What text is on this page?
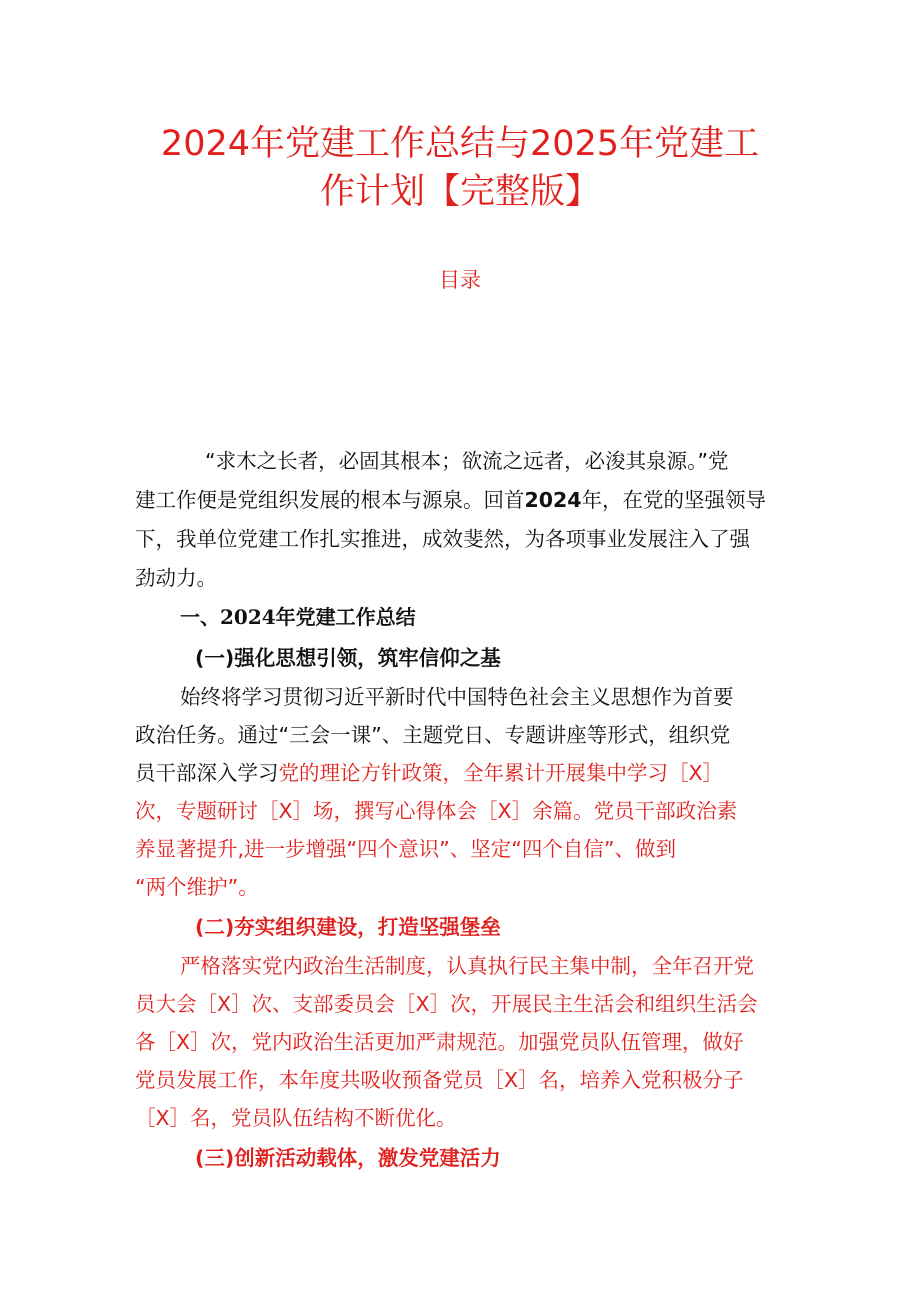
2024年党建工作总结与2025年党建工
作计划【完整版】
目录
“求木之长者，必固其根本；欲流之远者，必浚其泉源。”党
建工作便是党组织发展的根本与源泉。回首2024年，在党的坚强领导
下，我单位党建工作扎实推进，成效斐然，为各项事业发展注入了强
劲动力。
一、2024年党建工作总结
(一)强化思想引领，筑牢信仰之基
始终将学习贯彻习近平新时代中国特色社会主义思想作为首要
政治任务。通过“三会一课”、主题党日、专题讲座等形式，组织党
员干部深入学习党的理论方针政策，全年累计开展集中学习［X］
次，专题研讨［X］场，撰写心得体会［X］余篇。党员干部政治素
养显著提升,进一步增强“四个意识”、坚定“四个自信”、做到
“两个维护”。
(二)夯实组织建设，打造坚强堡垒
严格落实党内政治生活制度，认真执行民主集中制，全年召开党
员大会［X］次、支部委员会［X］次，开展民主生活会和组织生活会
各［X］次，党内政治生活更加严肃规范。加强党员队伍管理，做好
党员发展工作，本年度共吸收预备党员［X］名，培养入党积极分子
［X］名，党员队伍结构不断优化。
(三)创新活动载体，激发党建活力
